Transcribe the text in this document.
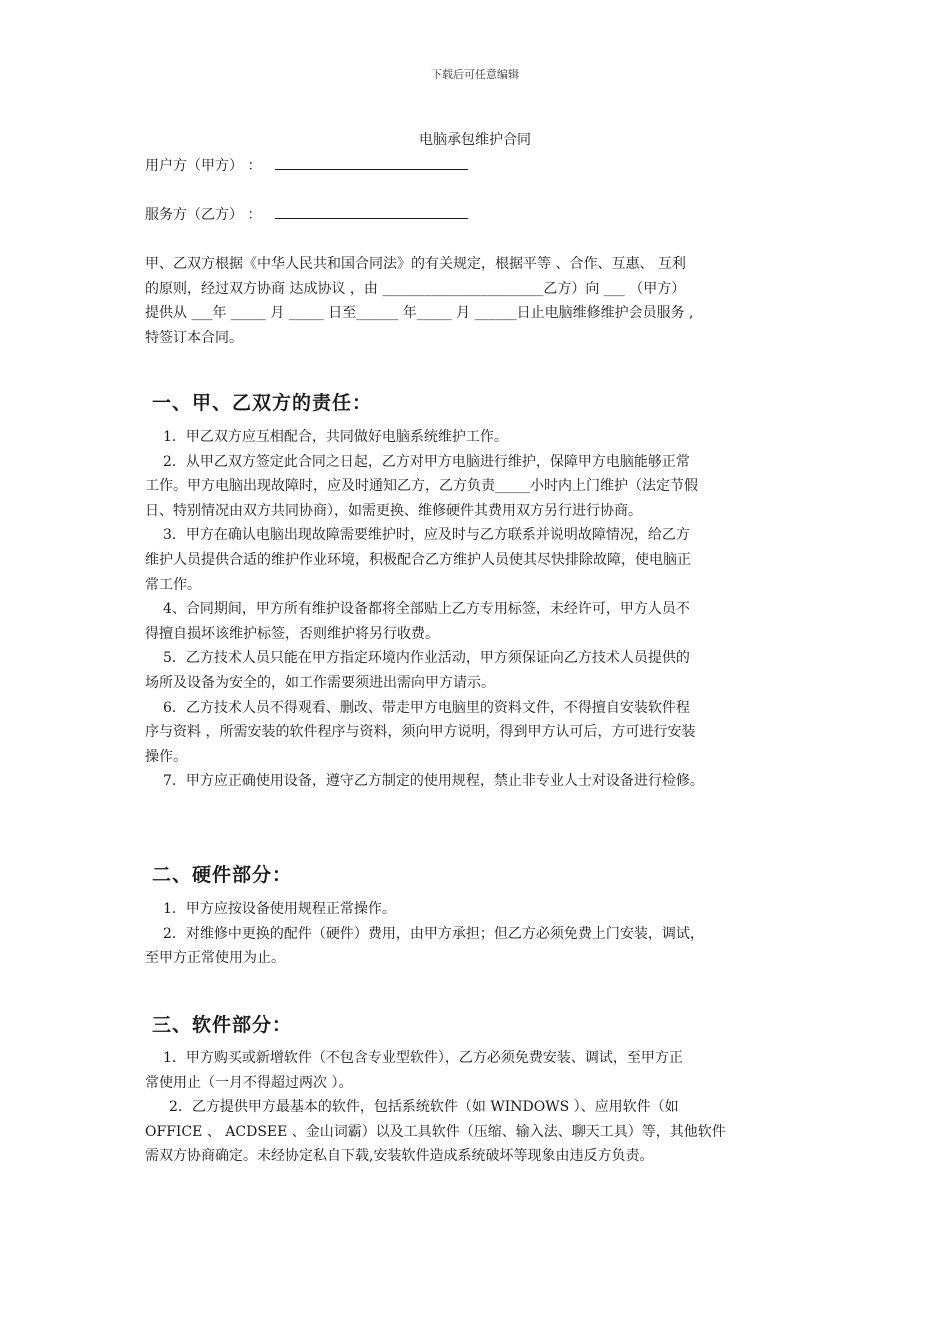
下载后可任意编辑
电脑承包维护合同
用户方（甲方） ：
服务方（乙方） ：
甲、乙双方根据《中华人民共和国合同法》的有关规定，根据平等 、合作、互惠、 互利
的原则，经过双方协商 达成协议 ，由 _______________________乙方）向 ___ （甲方）
提供从 ___年 _____ 月 _____ 日至______ 年_____ 月 ______日止电脑维修维护会员服务 ,
特签订本合同。
一、甲、乙双方的责任：
1．甲乙双方应互相配合，共同做好电脑系统维护工作。
2．从甲乙双方签定此合同之日起，乙方对甲方电脑进行维护，保障甲方电脑能够正常
工作。甲方电脑出现故障时，应及时通知乙方，乙方负责_____小时内上门维护（法定节假
日、特别情况由双方共同协商），如需更换、维修硬件其费用双方另行进行协商。
3．甲方在确认电脑出现故障需要维护时，应及时与乙方联系并说明故障情况，给乙方
维护人员提供合适的维护作业环境，积极配合乙方维护人员使其尽快排除故障，使电脑正
常工作。
4、合同期间，甲方所有维护设备都将全部贴上乙方专用标签，未经许可，甲方人员不
得擅自损坏该维护标签，否则维护将另行收费。
5．乙方技术人员只能在甲方指定环境内作业活动，甲方须保证向乙方技术人员提供的
场所及设备为安全的，如工作需要须进出需向甲方请示。
6．乙方技术人员不得观看、删改、带走甲方电脑里的资料文件，不得擅自安装软件程
序与资料 ，所需安装的软件程序与资料，须向甲方说明，得到甲方认可后，方可进行安装
操作。
7．甲方应正确使用设备，遵守乙方制定的使用规程，禁止非专业人士对设备进行检修。
二、硬件部分：
1．甲方应按设备使用规程正常操作。
2．对维修中更换的配件（硬件）费用，由甲方承担；但乙方必须免费上门安装，调试，
至甲方正常使用为止。
三、软件部分：
1．甲方购买或新增软件（不包含专业型软件），乙方必须免费安装、调试，至甲方正
常使用止（一月不得超过两次 ）。
2．乙方提供甲方最基本的软件，包括系统软件（如 WINDOWS ）、应用软件（如
OFFICE 、 ACDSEE 、金山词霸）以及工具软件（压缩、输入法、聊天工具）等，其他软件
需双方协商确定。未经协定私自下载,安装软件造成系统破坏等现象由违反方负责。
